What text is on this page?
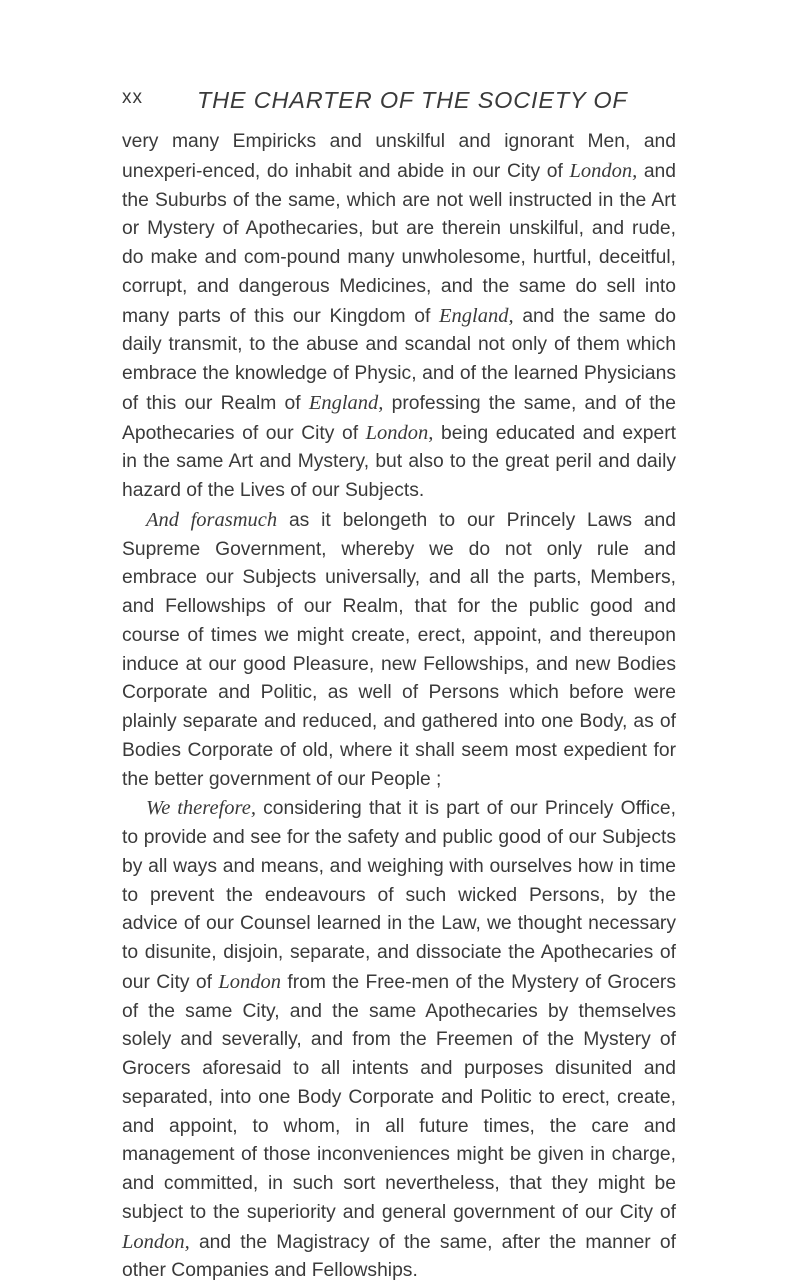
xx THE CHARTER OF THE SOCIETY OF

very many Empiricks and unskilful and ignorant Men, and unexperi-enced, do inhabit and abide in our City of London, and the Suburbs of the same, which are not well instructed in the Art or Mystery of Apothecaries, but are therein unskilful, and rude, do make and com-pound many unwholesome, hurtful, deceitful, corrupt, and dangerous Medicines, and the same do sell into many parts of this our Kingdom of England, and the same do daily transmit, to the abuse and scandal not only of them which embrace the knowledge of Physic, and of the learned Physicians of this our Realm of England, professing the same, and of the Apothecaries of our City of London, being educated and expert in the same Art and Mystery, but also to the great peril and daily hazard of the Lives of our Subjects.

And forasmuch as it belongeth to our Princely Laws and Supreme Government, whereby we do not only rule and embrace our Subjects universally, and all the parts, Members, and Fellowships of our Realm, that for the public good and course of times we might create, erect, appoint, and thereupon induce at our good Pleasure, new Fellowships, and new Bodies Corporate and Politic, as well of Persons which before were plainly separate and reduced, and gathered into one Body, as of Bodies Corporate of old, where it shall seem most expedient for the better government of our People ;

We therefore, considering that it is part of our Princely Office, to provide and see for the safety and public good of our Subjects by all ways and means, and weighing with ourselves how in time to prevent the endeavours of such wicked Persons, by the advice of our Counsel learned in the Law, we thought necessary to disunite, disjoin, separate, and dissociate the Apothecaries of our City of London from the Free-men of the Mystery of Grocers of the same City, and the same Apothecaries by themselves solely and severally, and from the Freemen of the Mystery of Grocers aforesaid to all intents and purposes disunited and separated, into one Body Corporate and Politic to erect, create, and appoint, to whom, in all future times, the care and management of those inconveniences might be given in charge, and committed, in such sort nevertheless, that they might be subject to the superiority and general government of our City of London, and the Magistracy of the same, after the manner of other Companies and Fellowships.
